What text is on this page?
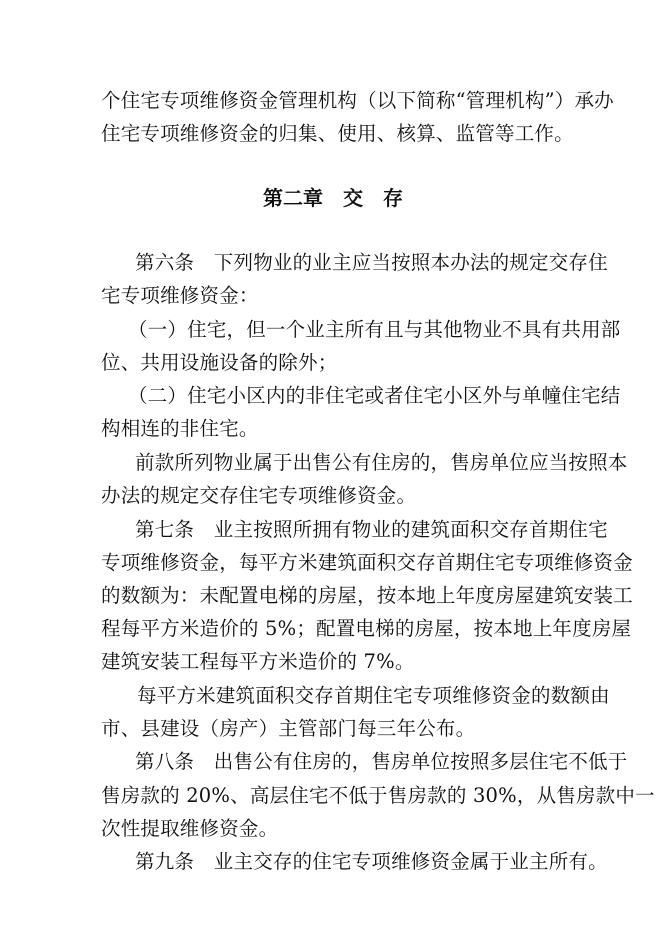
个住宅专项维修资金管理机构（以下简称“管理机构”）承办
住宅专项维修资金的归集、使用、核算、监管等工作。
第二章　交　存
第六条　下列物业的业主应当按照本办法的规定交存住
宅专项维修资金：
（一）住宅，但一个业主所有且与其他物业不具有共用部
位、共用设施设备的除外；
（二）住宅小区内的非住宅或者住宅小区外与单幢住宅结
构相连的非住宅。
前款所列物业属于出售公有住房的，售房单位应当按照本
办法的规定交存住宅专项维修资金。
第七条　业主按照所拥有物业的建筑面积交存首期住宅
专项维修资金，每平方米建筑面积交存首期住宅专项维修资金
的数额为：未配置电梯的房屋，按本地上年度房屋建筑安装工
程每平方米造价的 5%；配置电梯的房屋，按本地上年度房屋
建筑安装工程每平方米造价的 7%。
每平方米建筑面积交存首期住宅专项维修资金的数额由
市、县建设（房产）主管部门每三年公布。
第八条　出售公有住房的，售房单位按照多层住宅不低于
售房款的 20%、高层住宅不低于售房款的 30%，从售房款中一
次性提取维修资金。
第九条　业主交存的住宅专项维修资金属于业主所有。
